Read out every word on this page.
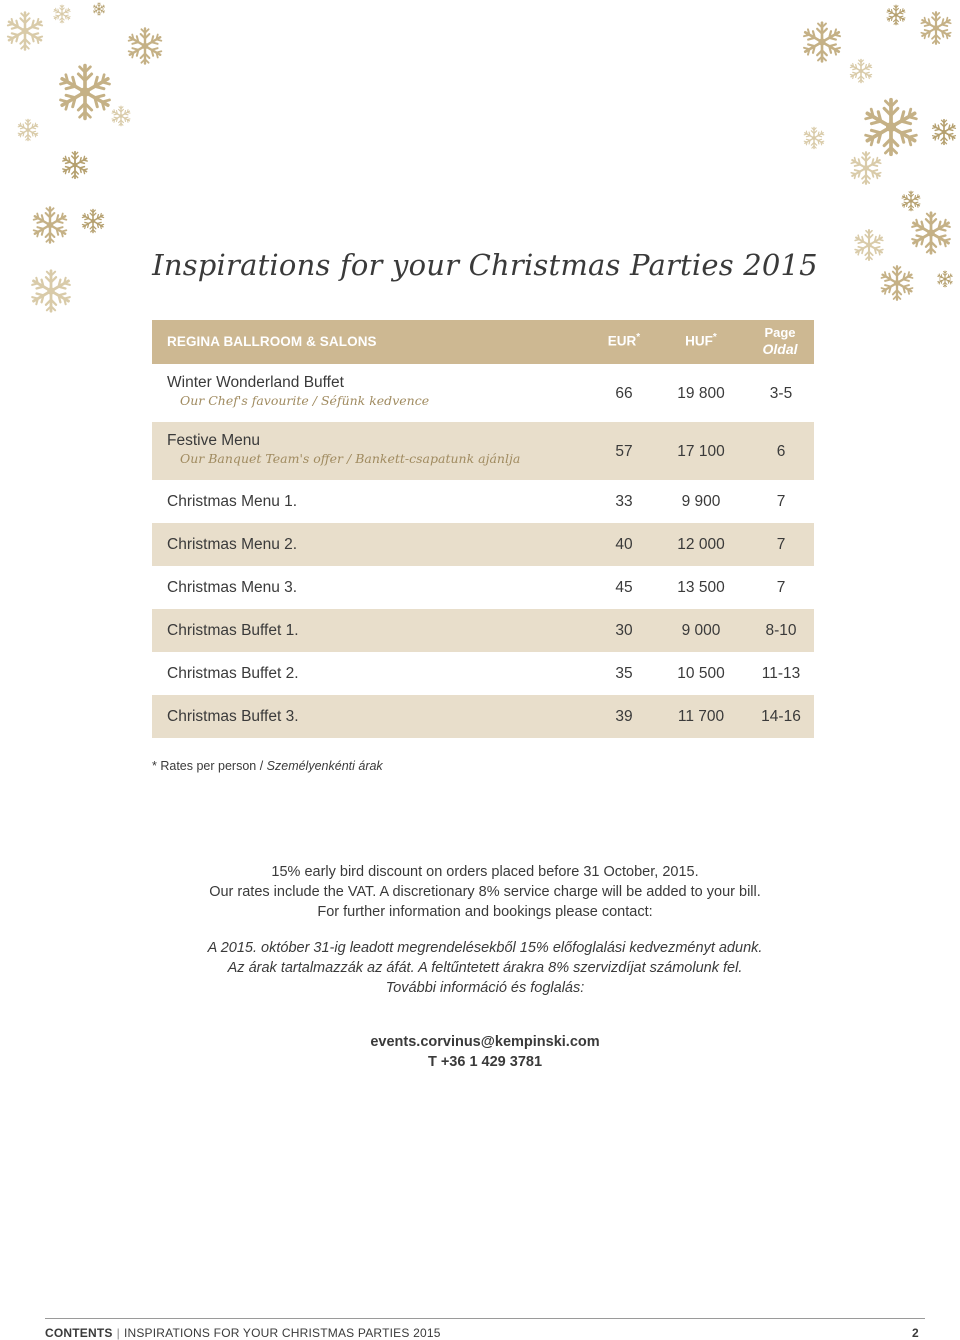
Inspirations for your Christmas Parties 2015
REGINA BALLROOM & SALONS	EUR*	HUF*	Page
Oldal
Winter Wonderland Buffet
Our Chef's favourite / Séfünk kedvence	66	19 800	3-5
Festive Menu
Our Banquet Team's offer / Bankett-csapatunk ajánlja	57	17 100	6
Christmas Menu 1.	33	9 900	7
Christmas Menu 2.	40	12 000	7
Christmas Menu 3.	45	13 500	7
Christmas Buffet 1.	30	9 000	8-10
Christmas Buffet 2.	35	10 500	11-13
Christmas Buffet 3.	39	11 700	14-16
* Rates per person / Személyenkénti árak
15% early bird discount on orders placed before 31 October, 2015.
Our rates include the VAT. A discretionary 8% service charge will be added to your bill.
For further information and bookings please contact:
A 2015. október 31-ig leadott megrendelésekből 15% előfoglalási kedvezményt adunk.
Az árak tartalmazzák az áfát. A feltűntetett árakra 8% szervizdíjat számolunk fel.
További információ és foglalás:
events.corvinus@kempinski.com
T +36 1 429 3781
CONTENTS | INSPIRATIONS FOR YOUR CHRISTMAS PARTIES 2015	2
